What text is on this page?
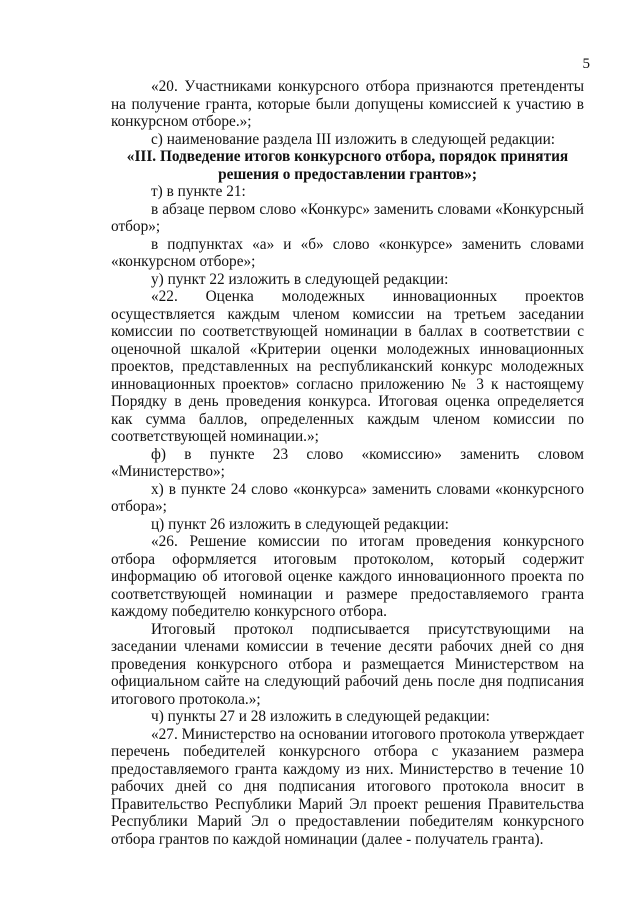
5

«20. Участниками конкурсного отбора признаются претенденты на получение гранта, которые были допущены комиссией к участию в конкурсном отборе.»;

с) наименование раздела III изложить в следующей редакции:

«III. Подведение итогов конкурсного отбора, порядок принятия решения о предоставлении грантов»;

т) в пункте 21:

в абзаце первом слово «Конкурс» заменить словами «Конкурсный отбор»;

в подпунктах «а» и «б» слово «конкурсе» заменить словами «конкурсном отборе»;

у) пункт 22 изложить в следующей редакции:

«22. Оценка молодежных инновационных проектов осуществляется каждым членом комиссии на третьем заседании комиссии по соответствующей номинации в баллах в соответствии с оценочной шкалой «Критерии оценки молодежных инновационных проектов, представленных на республиканский конкурс молодежных инновационных проектов» согласно приложению № 3 к настоящему Порядку в день проведения конкурса. Итоговая оценка определяется как сумма баллов, определенных каждым членом комиссии по соответствующей номинации.»;

ф) в пункте 23 слово «комиссию» заменить словом «Министерство»;

х) в пункте 24 слово «конкурса» заменить словами «конкурсного отбора»;

ц) пункт 26 изложить в следующей редакции:

«26. Решение комиссии по итогам проведения конкурсного отбора оформляется итоговым протоколом, который содержит информацию об итоговой оценке каждого инновационного проекта по соответствующей номинации и размере предоставляемого гранта каждому победителю конкурсного отбора.

Итоговый протокол подписывается присутствующими на заседании членами комиссии в течение десяти рабочих дней со дня проведения конкурсного отбора и размещается Министерством на официальном сайте на следующий рабочий день после дня подписания итогового протокола.»;

ч) пункты 27 и 28 изложить в следующей редакции:

«27. Министерство на основании итогового протокола утверждает перечень победителей конкурсного отбора с указанием размера предоставляемого гранта каждому из них. Министерство в течение 10 рабочих дней со дня подписания итогового протокола вносит в Правительство Республики Марий Эл проект решения Правительства Республики Марий Эл о предоставлении победителям конкурсного отбора грантов по каждой номинации (далее - получатель гранта).
